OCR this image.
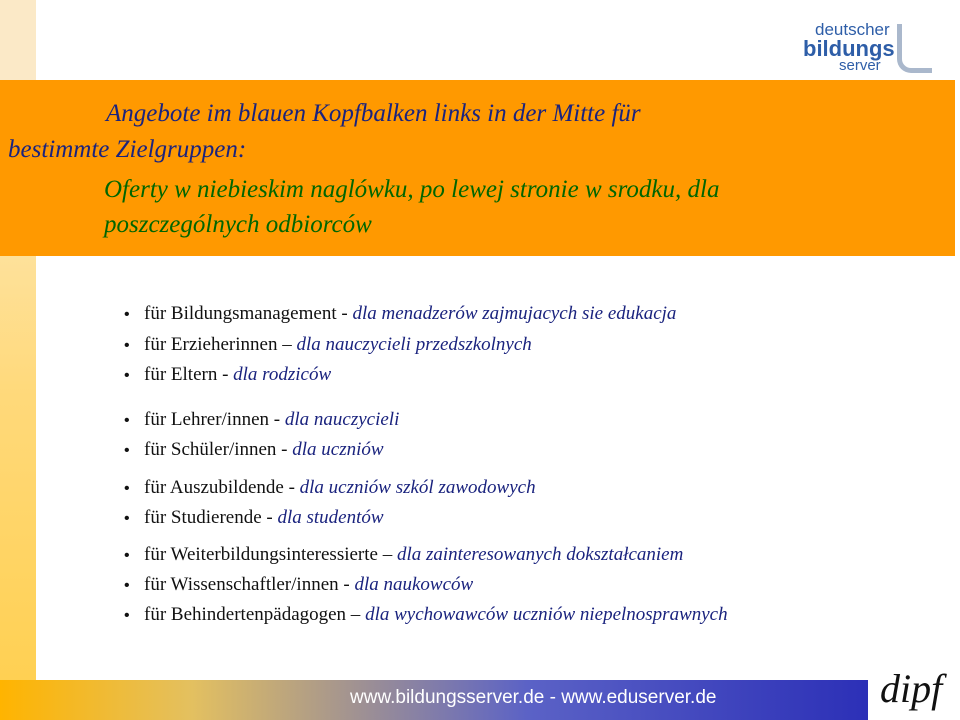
deutscher
bildungs
server
Angebote im blauen Kopfbalken links in der Mitte für
bestimmte Zielgruppen:
Oferty w niebieskim naglówku, po lewej stronie w srodku, dla
poszczególnych odbiorców
• für Bildungsmanagement - dla menadzerów zajmujacych sie edukacja
• für Erzieherinnen – dla nauczycieli przedszkolnych
• für Eltern - dla rodziców
• für Lehrer/innen - dla nauczycieli
• für Schüler/innen - dla uczniów
• für Auszubildende - dla uczniów szkól zawodowych
• für Studierende - dla studentów
• für Weiterbildungsinteressierte – dla zainteresowanych dokształcaniem
• für Wissenschaftler/innen - dla naukowców
• für Behindertenpädagogen – dla wychowawców uczniów niepelnosprawnych
www.bildungsserver.de - www.eduserver.de	dipf
